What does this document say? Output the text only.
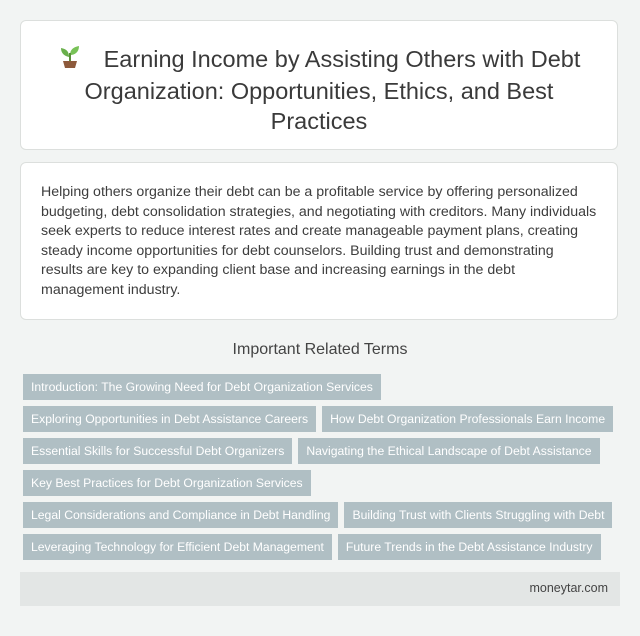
Earning Income by Assisting Others with Debt Organization: Opportunities, Ethics, and Best Practices

Helping others organize their debt can be a profitable service by offering personalized budgeting, debt consolidation strategies, and negotiating with creditors. Many individuals seek experts to reduce interest rates and create manageable payment plans, creating steady income opportunities for debt counselors. Building trust and demonstrating results are key to expanding client base and increasing earnings in the debt management industry.

Important Related Terms
Introduction: The Growing Need for Debt Organization Services
Exploring Opportunities in Debt Assistance Careers How Debt Organization Professionals Earn Income
Essential Skills for Successful Debt Organizers Navigating the Ethical Landscape of Debt Assistance
Key Best Practices for Debt Organization Services
Legal Considerations and Compliance in Debt Handling Building Trust with Clients Struggling with Debt
Leveraging Technology for Efficient Debt Management Future Trends in the Debt Assistance Industry
moneytar.com
